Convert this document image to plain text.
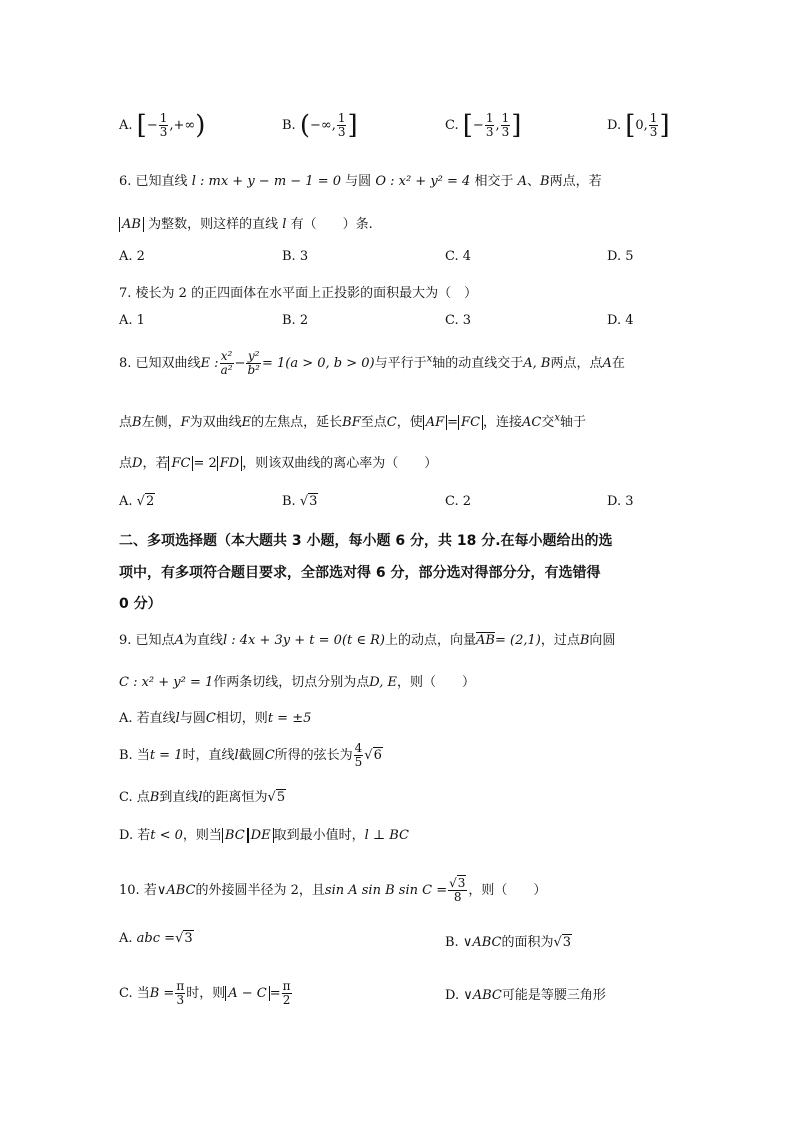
A. [− $\frac{1}{3}$ ,+∞)	B. (−∞, $\frac{1}{3}$ ]	C. [− $\frac{1}{3}$ , $\frac{1}{3}$ ]	D. [0, $\frac{1}{3}$ ]
6. 已知直线 l : mx + y − m − 1 = 0 与圆 O : x² + y² = 4 相交于 A、B两点，若
AB 为整数，则这样的直线 l 有（　　）条.
A. 2	B. 3	C. 4	D. 5
7. 棱长为 2 的正四面体在水平面上正投影的面积最大为（　）
A. 1	B. 2	C. 3	D. 4
8. 已知双曲线E : $\frac{\text{x²}}{\text{a²}} - \frac{\text{y²}}{\text{b²}} = 1(a > 0$, b > 0)与平行于$^x$轴的动直线交于A, B两点，点A在
点B左侧，F为双曲线E的左焦点，延长BF至点C，使 AF = FC ，连接AC交$^x$轴于
点D，若 FC = 2 FD ，则该双曲线的离心率为（　　）
A. √2	B. √3	C. 2	D. 3
二、多项选择题（本大题共 3 小题，每小题 6 分，共 18 分.在每小题给出的选
项中，有多项符合题目要求，全部选对得 6 分，部分选对得部分分，有选错得
0 分）
9. 已知点A为直线l : 4x + 3y + t = 0(t ∈ R)上的动点，向量$\overline{AB}= (2,1)$，过点B向圆
C : x² + y² = 1作两条切线，切点分别为点D, E，则（　　）
A. 若直线l与圆C相切，则t = ±5
B. 当t = 1时，直线l截圆C所得的弦长为 $\frac{4}{5} √6$
C. 点B到直线l的距离恒为√5
D. 若t < 0，则当 BC DE 取到最小值时，l ⊥ BC
10. 若∨ABC的外接圆半径为 2，且sin A sin B $\sin C = \frac{√3}{8}$ ，则（　　）
A. abc =√3	B. ∨ABC的面积为√3
C. 当$B = \frac{\pi}{3}$ 时，则 $A - C = \frac{\pi}{2}$	D. ∨ABC可能是等腰三角形
